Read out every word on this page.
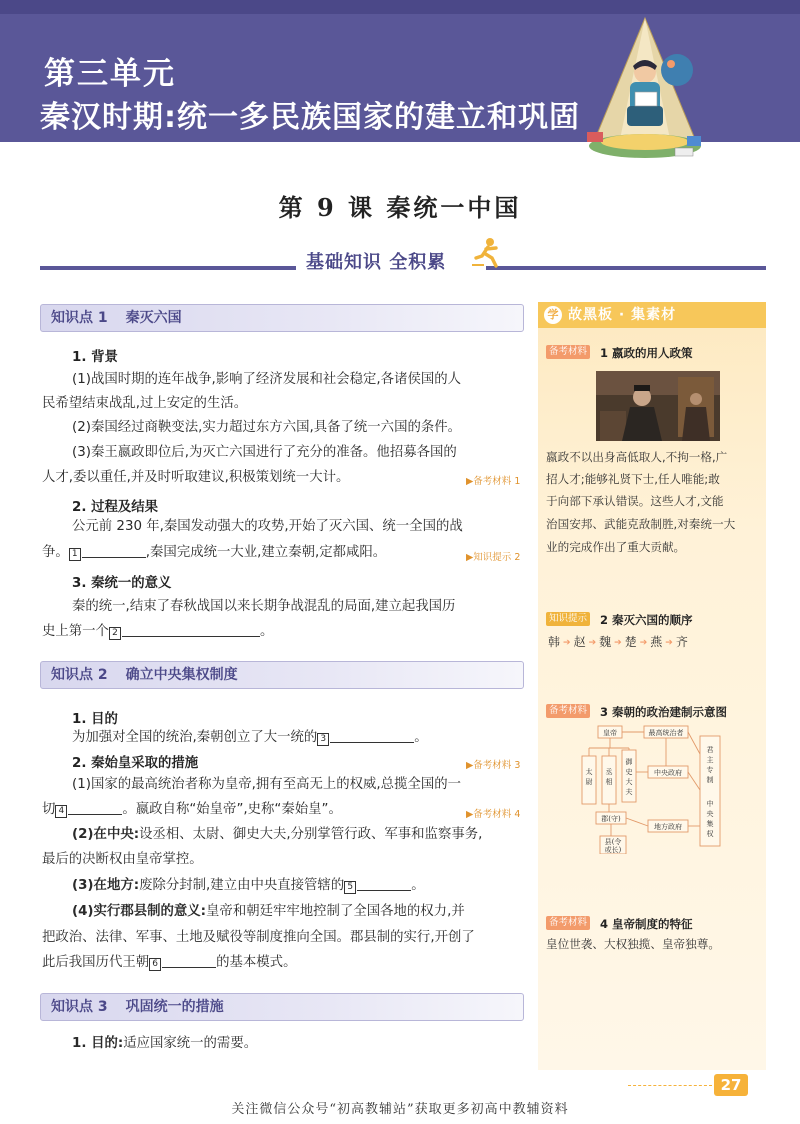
第三单元
秦汉时期:统一多民族国家的建立和巩固
第 9 课 秦统一中国
基础知识 全积累
知识点 1 秦灭六国
1. 背景
(1)战国时期的连年战争,影响了经济发展和社会稳定,各诸侯国的人
民希望结束战乱,过上安定的生活。
(2)秦国经过商鞅变法,实力超过东方六国,具备了统一六国的条件。
(3)秦王嬴政即位后,为灭亡六国进行了充分的准备。他招募各国的
人才,委以重任,并及时听取建议,积极策划统一大计。	▶备考材料 1
2. 过程及结果
公元前 230 年,秦国发动强大的攻势,开始了灭六国、统一全国的战
争。 1	,秦国完成统一大业,建立秦朝,定都咸阳。	▶知识提示 2
3. 秦统一的意义
秦的统一,结束了春秋战国以来长期争战混乱的局面,建立起我国历
史上第一个 2	。
知识点 2 确立中央集权制度
1. 目的
为加强对全国的统治,秦朝创立了大一统的 3	。
2. 秦始皇采取的措施
(1)国家的最高统治者称为皇帝,拥有至高无上的权威,总揽全国的一
▶备考材料 3
切 4	。嬴政自称“始皇帝”,史称“秦始皇”。	▶备考材料 4
(2)在中央:设丞相、太尉、御史大夫,分别掌管行政、军事和监察事务,
最后的决断权由皇帝掌控。
(3)在地方:废除分封制,建立由中央直接管辖的 5	。
(4)实行郡县制的意义:皇帝和朝廷牢牢地控制了全国各地的权力,并
把政治、法律、军事、土地及赋役等制度推向全国。郡县制的实行,开创了
此后我国历代王朝 6	的基本模式。
知识点 3 巩固统一的措施
1. 目的:适应国家统一的需要。
故黑板 · 集素材
学
备考材料 1 嬴政的用人政策
嬴政不以出身高低取人,不拘一格,广
招人才;能够礼贤下士,任人唯能;敢
于向部下承认错误。这些人才,文能
治国安邦、武能克敌制胜,对秦统一大
业的完成作出了重大贡献。
知识提示 2 秦灭六国的顺序
韩 ➔ 赵 ➔ 魏 ➔ 楚 ➔ 燕 ➔ 齐
备考材料 3 秦朝的政治建制示意图
皇帝	最高统治者
太
尉
丞
相
御
史
大
夫
中央政府
郡(守)
地方政府
县(令
或长)
君
主
专
制
中
央
集
权
备考材料 4 皇帝制度的特征
皇位世袭、大权独揽、皇帝独尊。
27
关注微信公众号“初高教辅站”获取更多初高中教辅资料
